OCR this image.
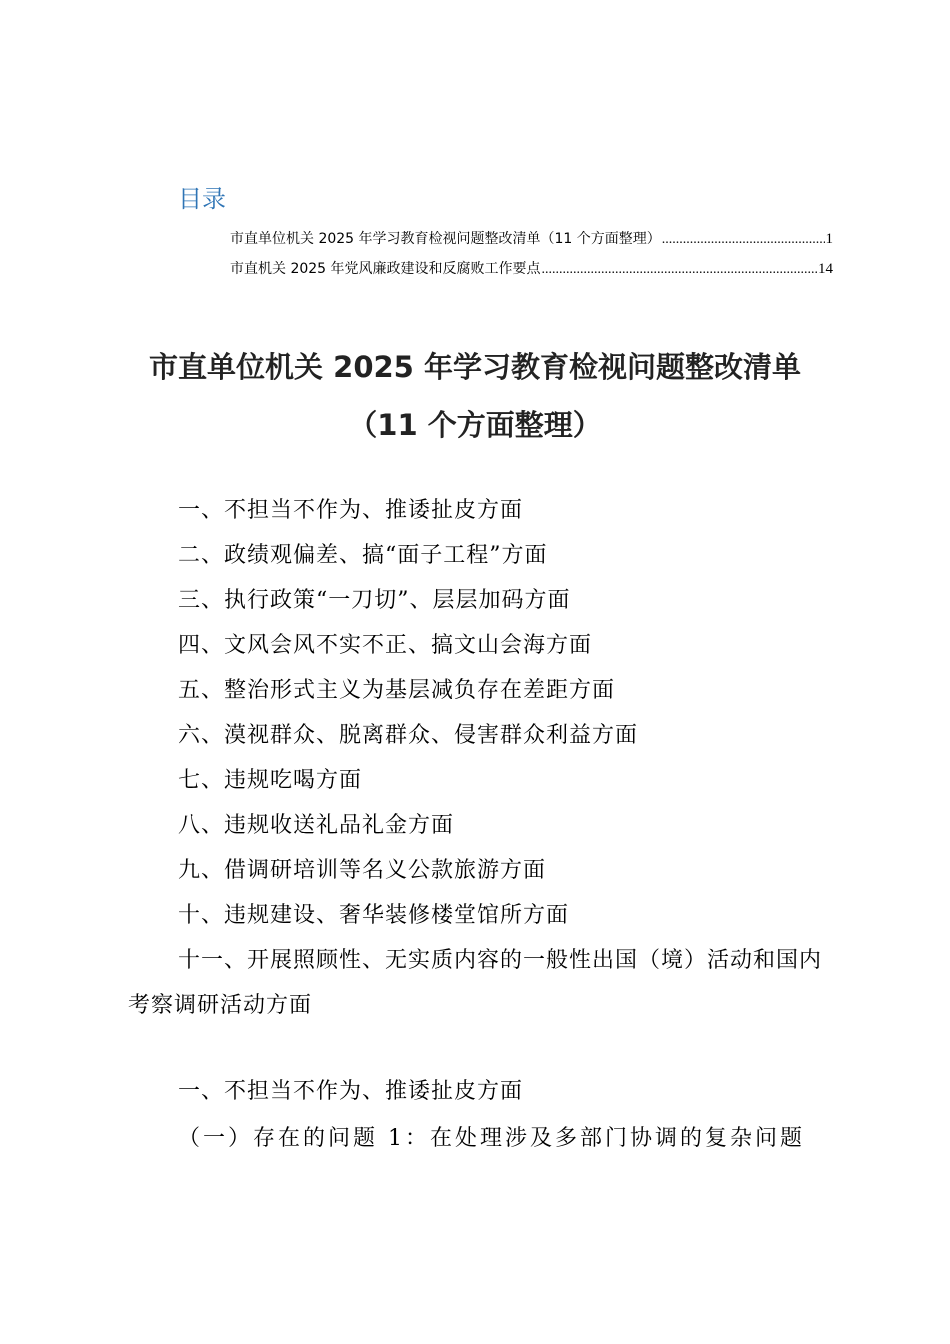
目录
市直单位机关 2025 年学习教育检视问题整改清单（11 个方面整理） .....	1
市直机关 2025 年党风廉政建设和反腐败工作要点 .....	14
市直单位机关 2025 年学习教育检视问题整改清单
（11 个方面整理）
一、不担当不作为、推诿扯皮方面
二、政绩观偏差、搞“面子工程”方面
三、执行政策“一刀切”、层层加码方面
四、文风会风不实不正、搞文山会海方面
五、整治形式主义为基层减负存在差距方面
六、漠视群众、脱离群众、侵害群众利益方面
七、违规吃喝方面
八、违规收送礼品礼金方面
九、借调研培训等名义公款旅游方面
十、违规建设、奢华装修楼堂馆所方面
十一、开展照顾性、无实质内容的一般性出国（境）活动和国内考察调研活动方面
一、不担当不作为、推诿扯皮方面

（一）存在的问题 1：在处理涉及多部门协调的复杂问题
